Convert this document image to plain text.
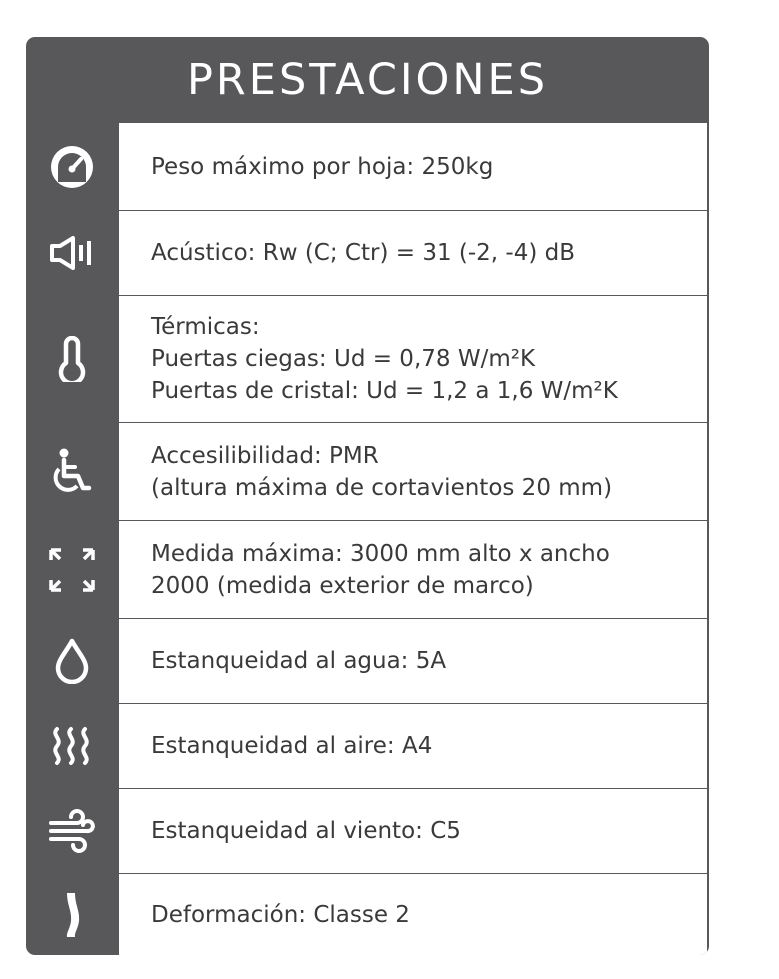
PRESTACIONES
Peso máximo por hoja: 250kg
Acústico: Rw (C; Ctr) = 31 (-2, -4) dB
Térmicas:
Puertas ciegas: Ud = 0,78 W/m²K
Puertas de cristal: Ud = 1,2 a 1,6 W/m²K
Accesilibilidad: PMR
(altura máxima de cortavientos 20 mm)
Medida máxima: 3000 mm alto x ancho
2000 (medida exterior de marco)
Estanqueidad al agua: 5A
Estanqueidad al aire: A4
Estanqueidad al viento: C5
Deformación: Classe 2
